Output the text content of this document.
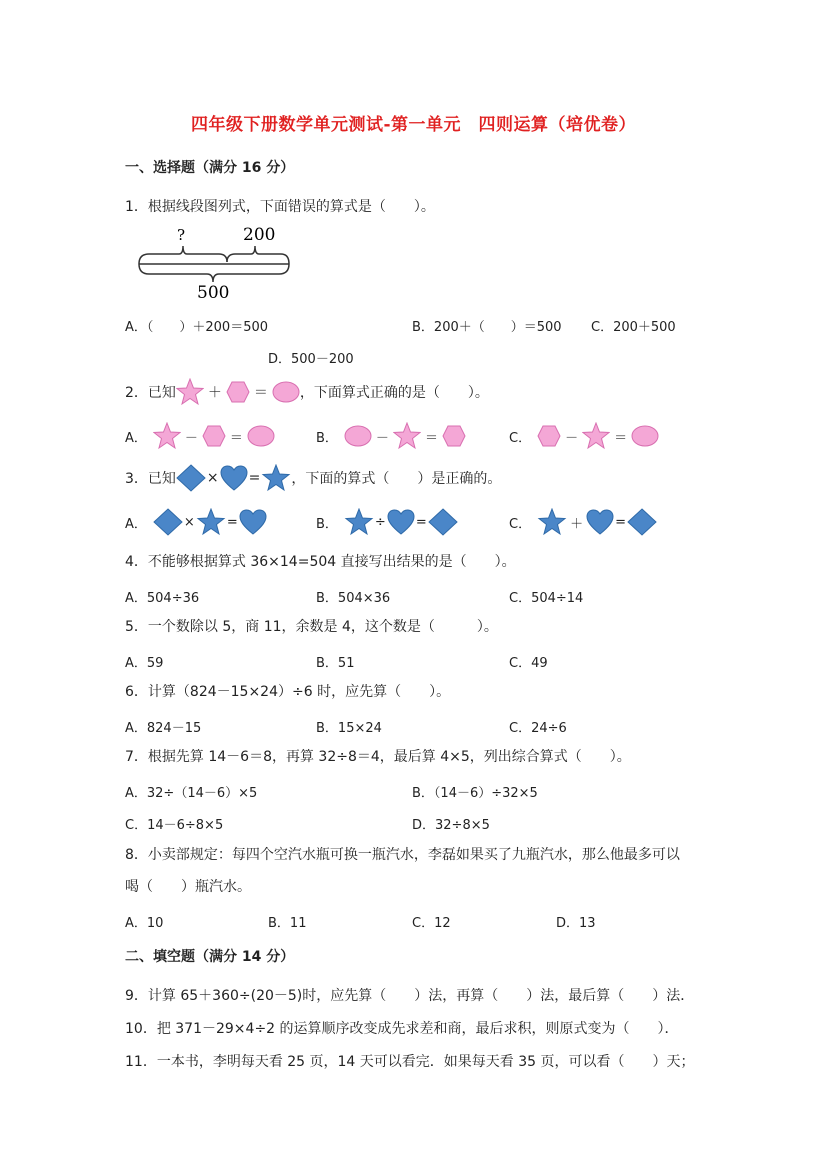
四年级下册数学单元测试-第一单元　四则运算（培优卷）
一、选择题（满分 16 分）
1．根据线段图列式，下面错误的算式是（　　）。
?	200
500
A．（　　）＋200＝500	B．200＋（　　）＝500 C．200＋500
D．500－200
2．已知 ＋ ＝ ，下面算式正确的是（　　）。
A．	－ ＝	B．	－	＝	C．	－	＝
3．已知 × = ，下面的算式（　　）是正确的。
A．	× =	B．	÷ =	C．	＋ =
4．不能够根据算式 36×14=504 直接写出结果的是（　　）。
A．504÷36	B．504×36	C．504÷14
5．一个数除以 5，商 11，余数是 4，这个数是（　　　）。
A．59	B．51	C．49
6．计算（824－15×24）÷6 时，应先算（　　）。
A．824－15	B．15×24	C．24÷6
7．根据先算 14－6＝8，再算 32÷8＝4，最后算 4×5，列出综合算式（　　）。
A．32÷（14－6）×5	B．（14－6）÷32×5
C．14－6÷8×5	D．32÷8×5
8．小卖部规定：每四个空汽水瓶可换一瓶汽水，李磊如果买了九瓶汽水，那么他最多可以
喝（　　）瓶汽水。
A．10	B．11	C．12	D．13
二、填空题（满分 14 分）
9．计算 65＋360÷(20－5)时，应先算（　　）法，再算（　　）法，最后算（　　）法．
10．把 371－29×4÷2 的运算顺序改变成先求差和商，最后求积，则原式变为（　　）．
11．一本书，李明每天看 25 页，14 天可以看完．如果每天看 35 页，可以看（　　）天；
